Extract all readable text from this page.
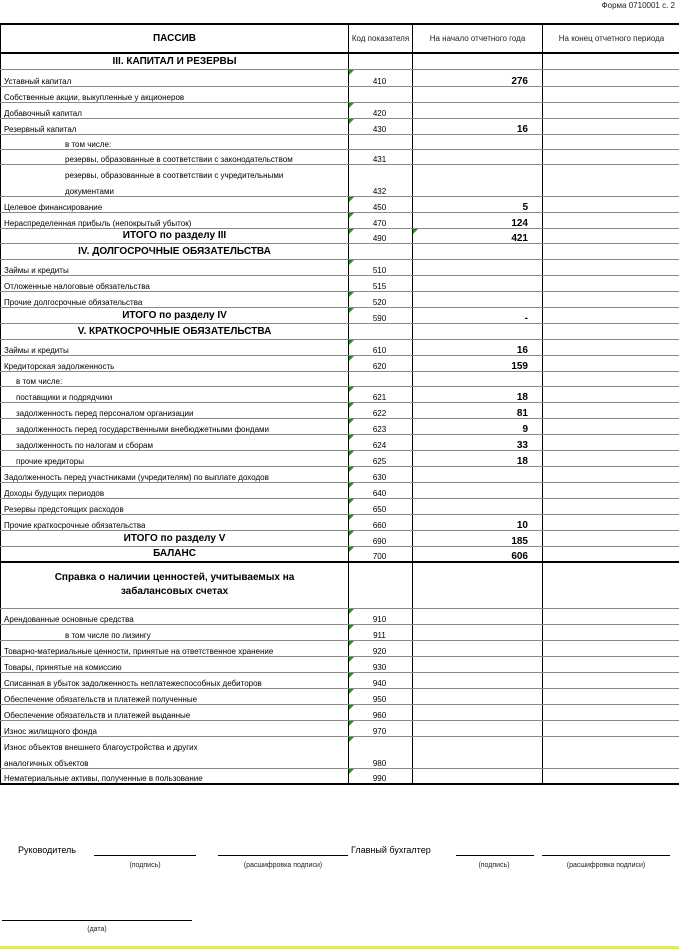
Форма 0710001 с. 2
ПАССИВ	Код показателя	На начало отчетного года	На конец отчетного периода
III. КАПИТАЛ И РЕЗЕРВЫ			
Уставный капитал	410	276	
Собственные акции, выкупленные у акционеров			
Добавочный капитал	420		
Резервный капитал	430	16	
в том числе:			
резервы, образованные в соответствии с законодательством	431		

резервы, образованные в соответствии с учредительными
документами	432		
Целевое финансирование	450	5	
Нераспределенная прибыль (непокрытый убыток)	470	124	
ИТОГО по разделу III	490	421	
IV. ДОЛГОСРОЧНЫЕ ОБЯЗАТЕЛЬСТВА			
Займы и кредиты	510		
Отложенные налоговые обязательства	515		
Прочие долгосрочные обязательства	520		
ИТОГО по разделу IV	590	-	
V. КРАТКОСРОЧНЫЕ ОБЯЗАТЕЛЬСТВА			
Займы и кредиты	610	16	
Кредиторская задолженность	620	159	
в том числе:			
поставщики и подрядчики	621	18	
задолженность перед персоналом организации	622	81	
задолженность перед государственными внебюджетными фондами	623	9	
задолженность по налогам и сборам	624	33	
прочие кредиторы	625	18	
Задолженность перед участниками (учредителям) по выплате доходов	630		
Доходы будущих периодов	640		
Резервы предстоящих расходов	650		
Прочие краткосрочные обязательства	660	10	
ИТОГО по разделу V	690	185	
БАЛАНС	700	606	
Справка о наличии ценностей, учитываемых на забалансовых счетах			
Арендованные основные средства	910		
в том числе по лизингу	911		
Товарно-материальные ценности, принятые на ответственное хранение	920		
Товары, принятые на комиссию	930		
Списанная в убыток задолженность неплатежеспособных дебиторов	940		
Обеспечение обязательств и платежей полученные	950		
Обеспечение обязательств и платежей выданные	960		
Износ жилищного фонда	970		

Износ объектов внешнего благоустройства и других
аналогичных объектов	980		
Нематериальные активы, полученные в пользование	990		
Руководитель
(подпись)	(расшифровка подписи)
Главный бухгалтер
(подпись)	(расшифровка подписи)
(дата)
